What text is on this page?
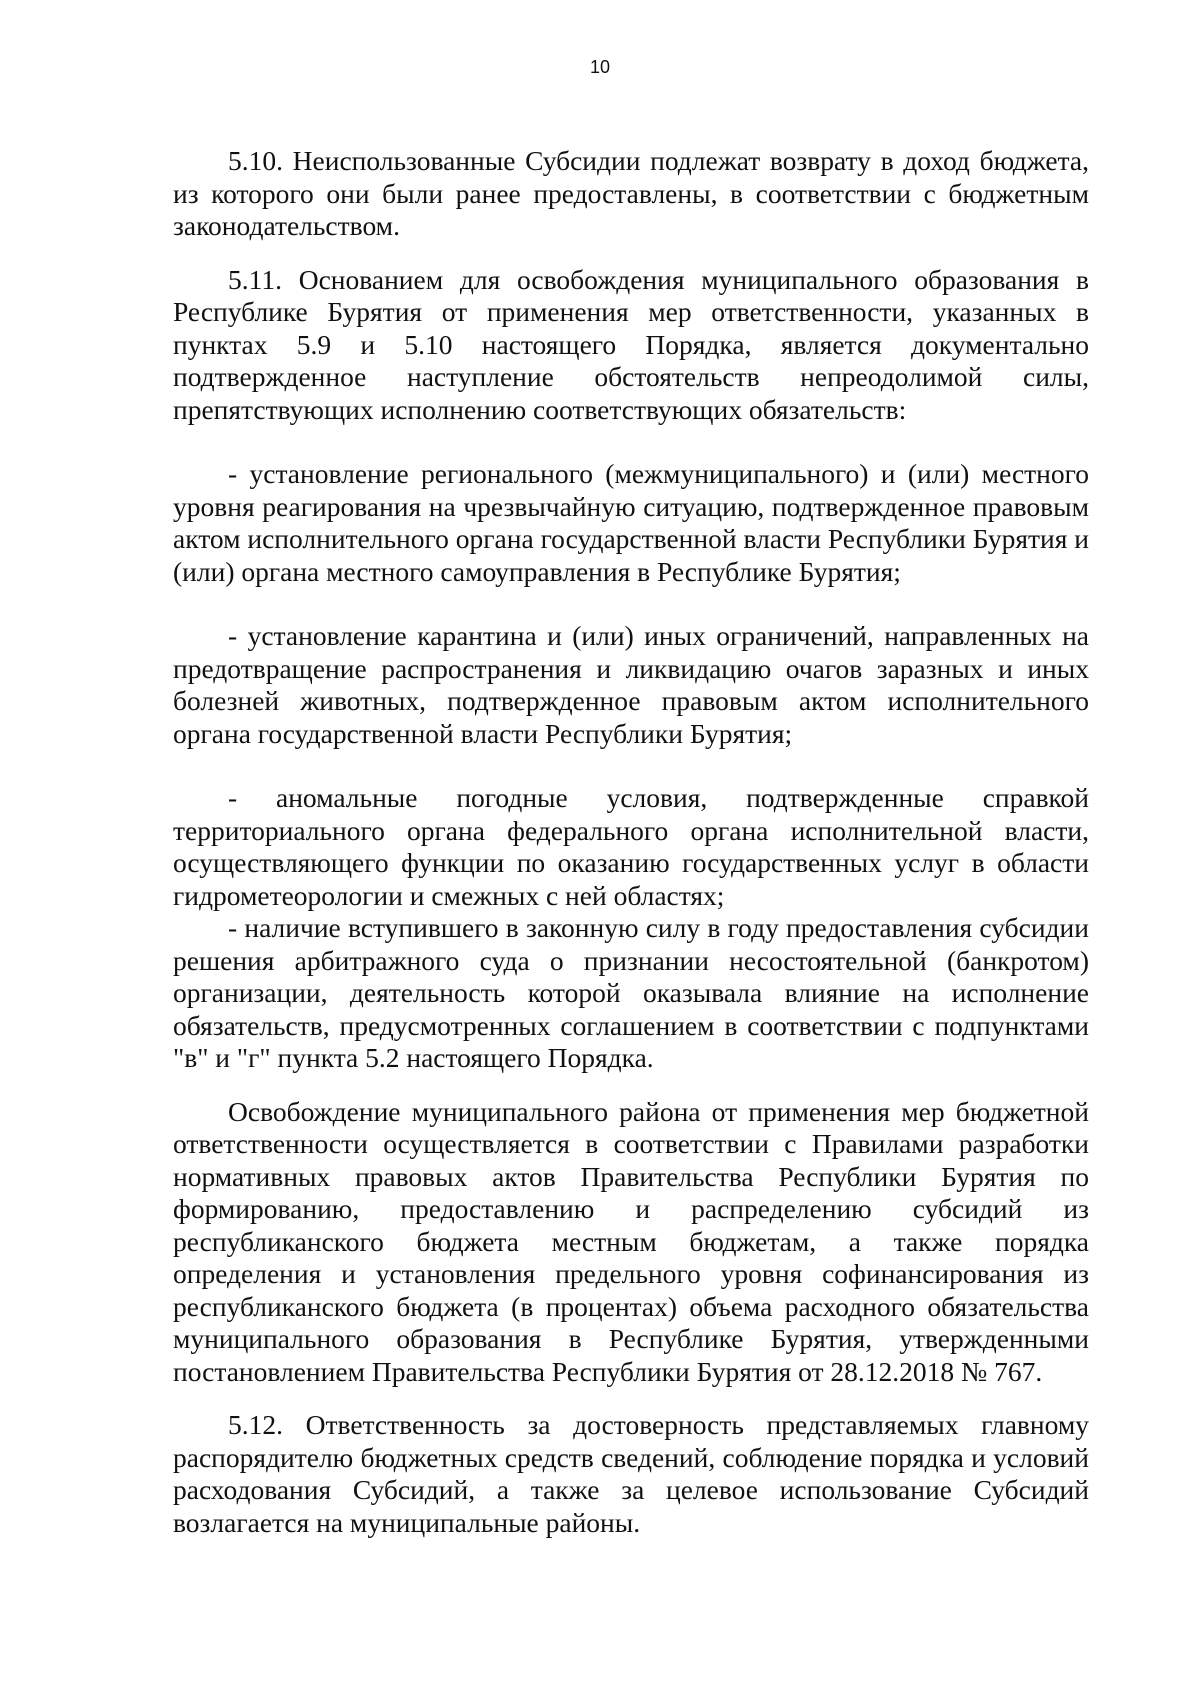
10

5.10. Неиспользованные Субсидии подлежат возврату в доход бюджета, из которого они были ранее предоставлены, в соответствии с бюджетным законодательством.

5.11. Основанием для освобождения муниципального образования в Республике Бурятия от применения мер ответственности, указанных в пунктах 5.9 и 5.10 настоящего Порядка, является документально подтвержденное наступление обстоятельств непреодолимой силы, препятствующих исполнению соответствующих обязательств:

- установление регионального (межмуниципального) и (или) местного уровня реагирования на чрезвычайную ситуацию, подтвержденное правовым актом исполнительного органа государственной власти Республики Бурятия и (или) органа местного самоуправления в Республике Бурятия;

- установление карантина и (или) иных ограничений, направленных на предотвращение распространения и ликвидацию очагов заразных и иных болезней животных, подтвержденное правовым актом исполнительного органа государственной власти Республики Бурятия;

- аномальные погодные условия, подтвержденные справкой территориального органа федерального органа исполнительной власти, осуществляющего функции по оказанию государственных услуг в области гидрометеорологии и смежных с ней областях;

- наличие вступившего в законную силу в году предоставления субсидии решения арбитражного суда о признании несостоятельной (банкротом) организации, деятельность которой оказывала влияние на исполнение обязательств, предусмотренных соглашением в соответствии с подпунктами "в" и "г" пункта 5.2 настоящего Порядка.

Освобождение муниципального района от применения мер бюджетной ответственности осуществляется в соответствии с Правилами разработки нормативных правовых актов Правительства Республики Бурятия по формированию, предоставлению и распределению субсидий из республиканского бюджета местным бюджетам, а также порядка определения и установления предельного уровня софинансирования из республиканского бюджета (в процентах) объема расходного обязательства муниципального образования в Республике Бурятия, утвержденными постановлением Правительства Республики Бурятия от 28.12.2018 № 767.

5.12. Ответственность за достоверность представляемых главному распорядителю бюджетных средств сведений, соблюдение порядка и условий расходования Субсидий, а также за целевое использование Субсидий возлагается на муниципальные районы.
